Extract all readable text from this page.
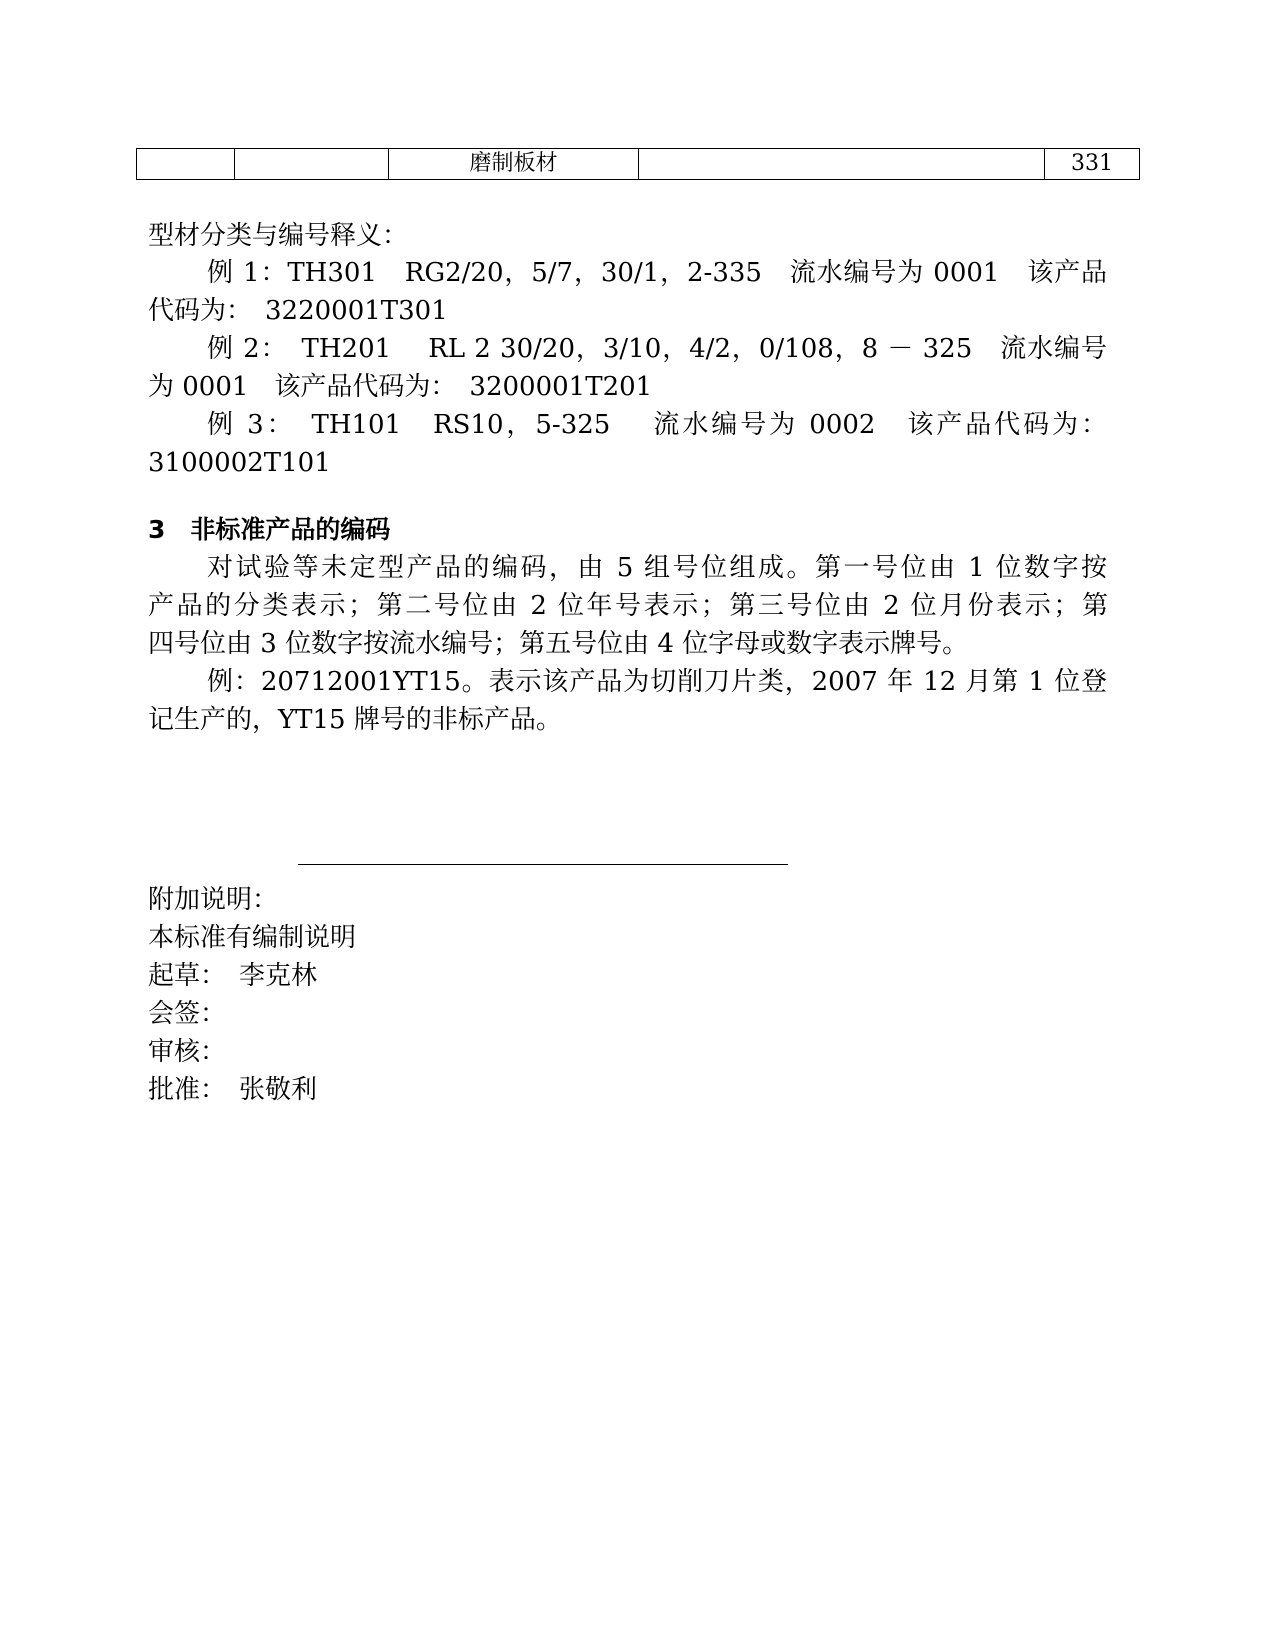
		磨制板材		331
型材分类与编号释义：
例 1：TH301　RG2/20，5/7，30/1，2-335　流水编号为 0001　该产品
代码为：　3220001T301
例 2：　TH201　 RL 2 30/20，3/10，4/2，0/108，8 － 325　流水编号
为 0001　该产品代码为：　3200001T201
例 3：　TH101　RS10，5-325　 流水编号为 0002　该产品代码为：
3100002T101
3　非标准产品的编码
对试验等未定型产品的编码，由 5 组号位组成。第一号位由 1 位数字按
产品的分类表示；第二号位由 2 位年号表示；第三号位由 2 位月份表示；第
四号位由 3 位数字按流水编号；第五号位由 4 位字母或数字表示牌号。
例：20712001YT15。表示该产品为切削刀片类，2007 年 12 月第 1 位登
记生产的，YT15 牌号的非标产品。
附加说明：
本标准有编制说明
起草：　李克林
会签：
审核：
批准：　张敬利
